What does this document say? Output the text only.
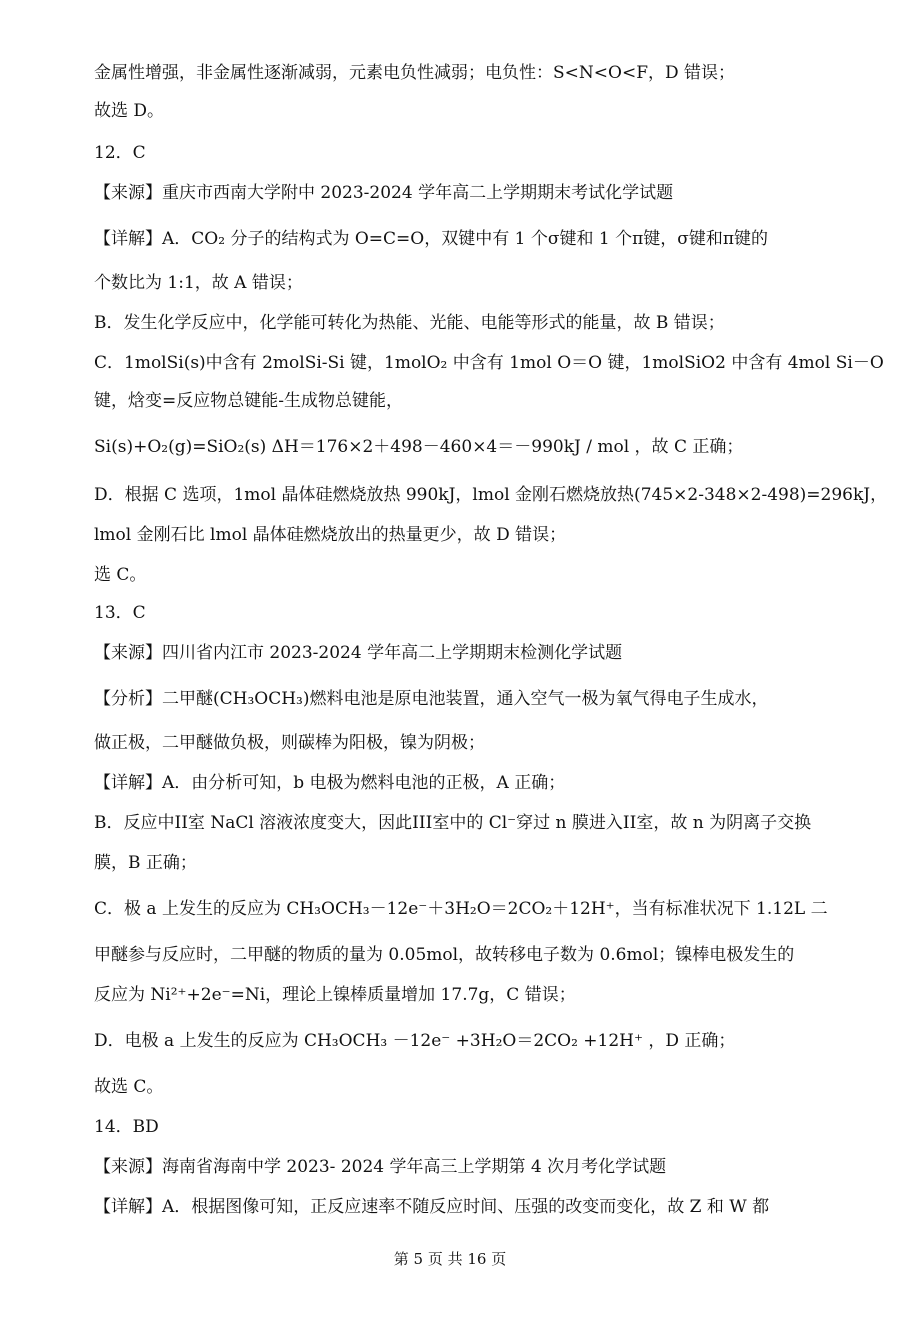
金属性增强，非金属性逐渐减弱，元素电负性减弱；电负性：S<N<O<F，D 错误；
故选 D。
12．C
【来源】重庆市西南大学附中 2023-2024 学年高二上学期期末考试化学试题
【详解】A．CO₂ 分子的结构式为 O=C=O，双键中有 1 个σ键和 1 个π键，σ键和π键的
个数比为 1:1，故 A 错误；
B．发生化学反应中，化学能可转化为热能、光能、电能等形式的能量，故 B 错误；
C．1molSi(s)中含有 2molSi-Si 键，1molO₂ 中含有 1mol O＝O 键，1molSiO2 中含有 4mol Si－O
键，焓变=反应物总键能-生成物总键能，
Si(s)+O₂(g)=SiO₂(s) ΔH＝176×2＋498－460×4＝－990kJ / mol ，故 C 正确；
D．根据 C 选项，1mol 晶体硅燃烧放热 990kJ，lmol 金刚石燃烧放热(745×2-348×2-498)=296kJ，
lmol 金刚石比 lmol 晶体硅燃烧放出的热量更少，故 D 错误；
选 C。
13．C
【来源】四川省内江市 2023-2024 学年高二上学期期末检测化学试题
【分析】二甲醚(CH₃OCH₃)燃料电池是原电池装置，通入空气一极为氧气得电子生成水，
做正极，二甲醚做负极，则碳棒为阳极，镍为阴极；
【详解】A．由分析可知，b 电极为燃料电池的正极，A 正确；
B．反应中II室 NaCl 溶液浓度变大，因此III室中的 Cl⁻穿过 n 膜进入II室，故 n 为阴离子交换
膜，B 正确；
C．极 a 上发生的反应为 CH₃OCH₃－12e⁻＋3H₂O＝2CO₂＋12H⁺，当有标准状况下 1.12L 二
甲醚参与反应时，二甲醚的物质的量为 0.05mol，故转移电子数为 0.6mol；镍棒电极发生的
反应为 Ni²⁺+2e⁻=Ni，理论上镍棒质量增加 17.7g，C 错误；
D．电极 a 上发生的反应为 CH₃OCH₃ －12e⁻ +3H₂O＝2CO₂ +12H⁺ ，D 正确；
故选 C。
14．BD
【来源】海南省海南中学 2023- 2024 学年高三上学期第 4 次月考化学试题
【详解】A．根据图像可知，正反应速率不随反应时间、压强的改变而变化，故 Z 和 W 都
第 5 页 共 16 页
